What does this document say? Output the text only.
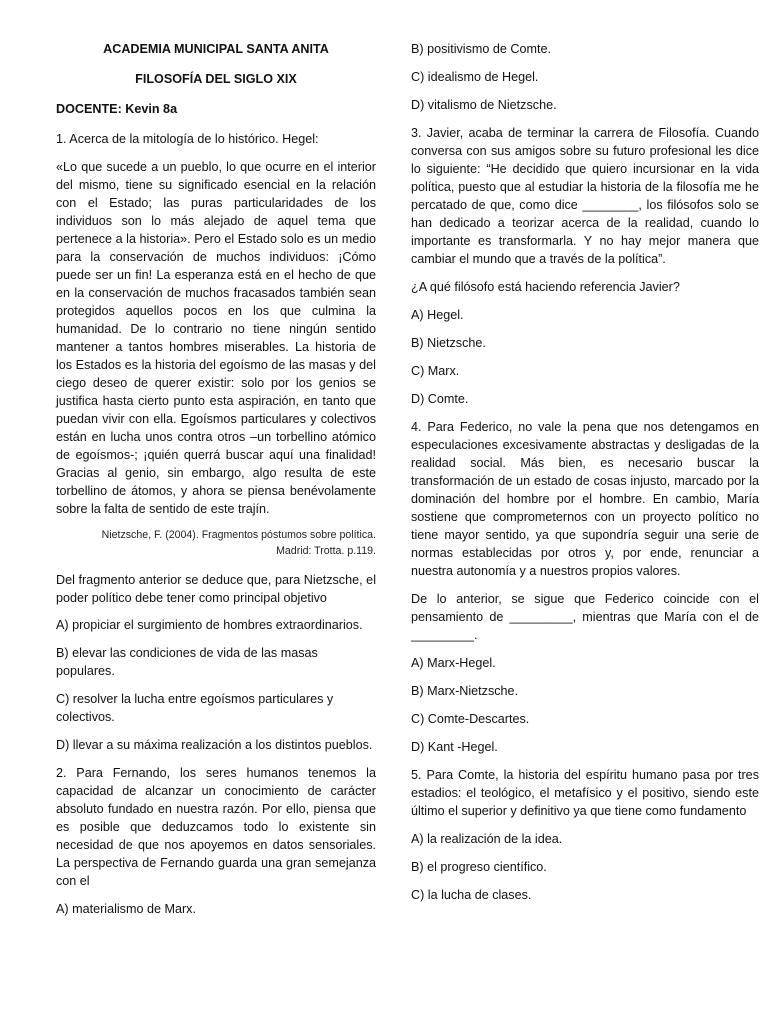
ACADEMIA MUNICIPAL SANTA ANITA

FILOSOFÍA DEL SIGLO XIX

DOCENTE: Kevin 8a

1. Acerca de la mitología de lo histórico. Hegel:

«Lo que sucede a un pueblo, lo que ocurre en el interior del mismo, tiene su significado esencial en la relación con el Estado; las puras particularidades de los individuos son lo más alejado de aquel tema que pertenece a la historia». Pero el Estado solo es un medio para la conservación de muchos individuos: ¡Cómo puede ser un fin! La esperanza está en el hecho de que en la conservación de muchos fracasados también sean protegidos aquellos pocos en los que culmina la humanidad. De lo contrario no tiene ningún sentido mantener a tantos hombres miserables. La historia de los Estados es la historia del egoísmo de las masas y del ciego deseo de querer existir: solo por los genios se justifica hasta cierto punto esta aspiración, en tanto que puedan vivir con ella. Egoísmos particulares y colectivos están en lucha unos contra otros –un torbellino atómico de egoísmos-; ¡quién querrá buscar aquí una finalidad! Gracias al genio, sin embargo, algo resulta de este torbellino de átomos, y ahora se piensa benévolamente sobre la falta de sentido de este trajín.

Nietzsche, F. (2004). Fragmentos póstumos sobre política.
Madrid: Trotta. p.119.

Del fragmento anterior se deduce que, para Nietzsche, el poder político debe tener como principal objetivo

A) propiciar el surgimiento de hombres extraordinarios.

B) elevar las condiciones de vida de las masas populares.

C) resolver la lucha entre egoísmos particulares y colectivos.

D) llevar a su máxima realización a los distintos pueblos.

2. Para Fernando, los seres humanos tenemos la capacidad de alcanzar un conocimiento de carácter absoluto fundado en nuestra razón. Por ello, piensa que es posible que deduzcamos todo lo existente sin necesidad de que nos apoyemos en datos sensoriales. La perspectiva de Fernando guarda una gran semejanza con el

A) materialismo de Marx.

B) positivismo de Comte.

C) idealismo de Hegel.

D) vitalismo de Nietzsche.

3. Javier, acaba de terminar la carrera de Filosofía. Cuando conversa con sus amigos sobre su futuro profesional les dice lo siguiente: “He decidido que quiero incursionar en la vida política, puesto que al estudiar la historia de la filosofía me he percatado de que, como dice ________, los filósofos solo se han dedicado a teorizar acerca de la realidad, cuando lo importante es transformarla. Y no hay mejor manera que cambiar el mundo que a través de la política”.

¿A qué filósofo está haciendo referencia Javier?

A) Hegel.

B) Nietzsche.

C) Marx.

D) Comte.

4. Para Federico, no vale la pena que nos detengamos en especulaciones excesivamente abstractas y desligadas de la realidad social. Más bien, es necesario buscar la transformación de un estado de cosas injusto, marcado por la dominación del hombre por el hombre. En cambio, María sostiene que comprometernos con un proyecto político no tiene mayor sentido, ya que supondría seguir una serie de normas establecidas por otros y, por ende, renunciar a nuestra autonomía y a nuestros propios valores.

De lo anterior, se sigue que Federico coincide con el pensamiento de _________, mientras que María con el de _________.

A) Marx-Hegel.

B) Marx-Nietzsche.

C) Comte-Descartes.

D) Kant -Hegel.

5. Para Comte, la historia del espíritu humano pasa por tres estadios: el teológico, el metafísico y el positivo, siendo este último el superior y definitivo ya que tiene como fundamento

A) la realización de la idea.

B) el progreso científico.

C) la lucha de clases.
